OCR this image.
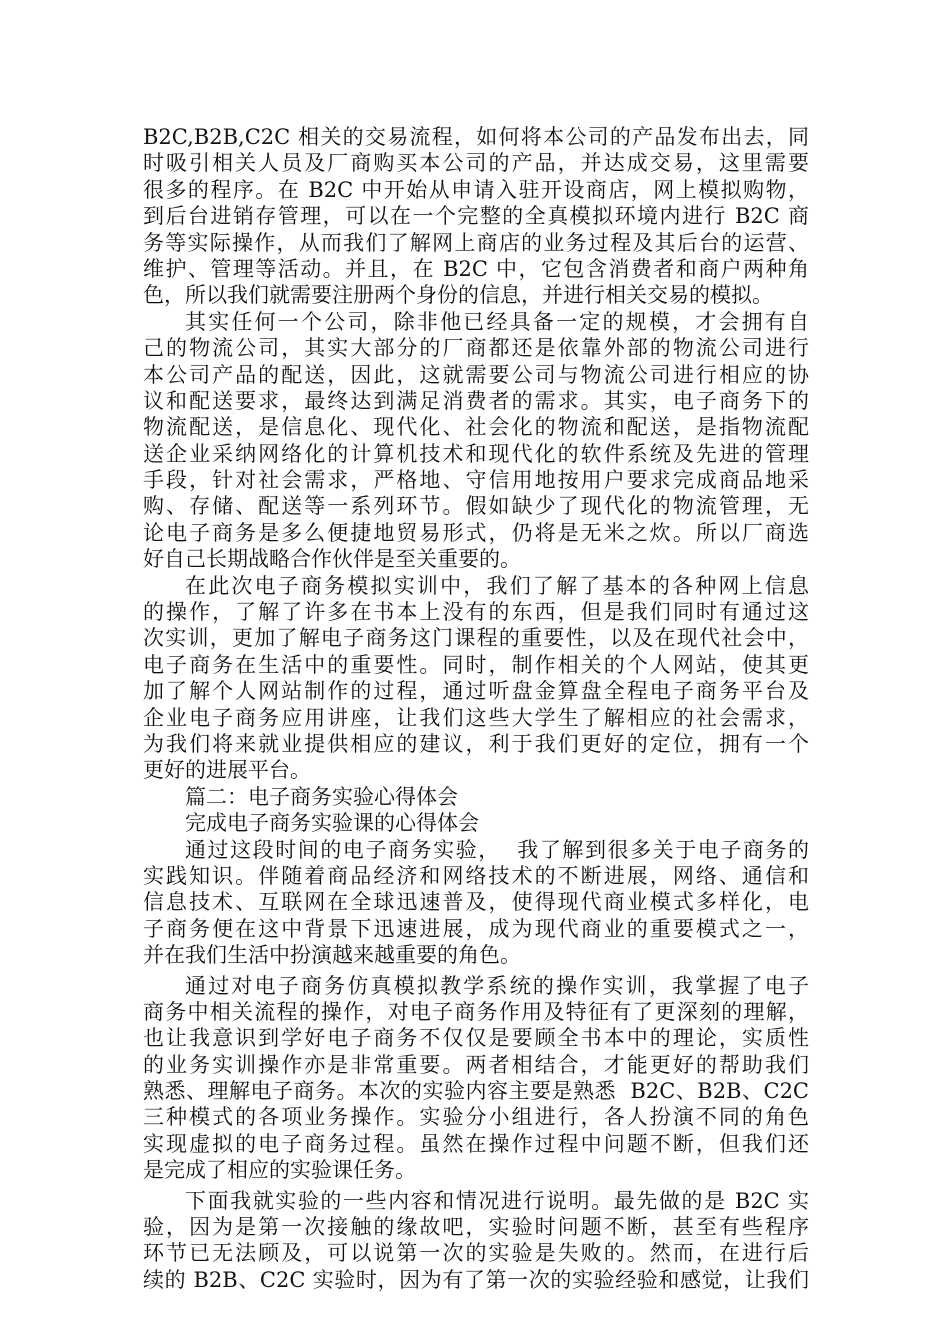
B2C,B2B,C2C 相关的交易流程，如何将本公司的产品发布出去，同
时吸引相关人员及厂商购买本公司的产品，并达成交易，这里需要
很多的程序。在 B2C 中开始从申请入驻开设商店，网上模拟购物，
到后台进销存管理，可以在一个完整的全真模拟环境内进行 B2C 商
务等实际操作，从而我们了解网上商店的业务过程及其后台的运营、
维护、管理等活动。并且，在 B2C 中，它包含消费者和商户两种角
色，所以我们就需要注册两个身份的信息，并进行相关交易的模拟。
其实任何一个公司，除非他已经具备一定的规模，才会拥有自
己的物流公司，其实大部分的厂商都还是依靠外部的物流公司进行
本公司产品的配送，因此，这就需要公司与物流公司进行相应的协
议和配送要求，最终达到满足消费者的需求。其实，电子商务下的
物流配送，是信息化、现代化、社会化的物流和配送，是指物流配
送企业采纳网络化的计算机技术和现代化的软件系统及先进的管理
手段，针对社会需求，严格地、守信用地按用户要求完成商品地采
购、存储、配送等一系列环节。假如缺少了现代化的物流管理，无
论电子商务是多么便捷地贸易形式，仍将是无米之炊。所以厂商选
好自己长期战略合作伙伴是至关重要的。
在此次电子商务模拟实训中，我们了解了基本的各种网上信息
的操作，了解了许多在书本上没有的东西，但是我们同时有通过这
次实训，更加了解电子商务这门课程的重要性，以及在现代社会中，
电子商务在生活中的重要性。同时，制作相关的个人网站，使其更
加了解个人网站制作的过程，通过听盘金算盘全程电子商务平台及
企业电子商务应用讲座，让我们这些大学生了解相应的社会需求，
为我们将来就业提供相应的建议，利于我们更好的定位，拥有一个
更好的进展平台。
篇二：电子商务实验心得体会
完成电子商务实验课的心得体会
通过这段时间的电子商务实验，  我了解到很多关于电子商务的
实践知识。伴随着商品经济和网络技术的不断进展，网络、通信和
信息技术、互联网在全球迅速普及，使得现代商业模式多样化，电
子商务便在这中背景下迅速进展，成为现代商业的重要模式之一，
并在我们生活中扮演越来越重要的角色。
通过对电子商务仿真模拟教学系统的操作实训，我掌握了电子
商务中相关流程的操作，对电子商务作用及特征有了更深刻的理解，
也让我意识到学好电子商务不仅仅是要顾全书本中的理论，实质性
的业务实训操作亦是非常重要。两者相结合，才能更好的帮助我们
熟悉、理解电子商务。本次的实验内容主要是熟悉  B2C、B2B、C2C
三种模式的各项业务操作。实验分小组进行，各人扮演不同的角色
实现虚拟的电子商务过程。虽然在操作过程中问题不断，但我们还
是完成了相应的实验课任务。
下面我就实验的一些内容和情况进行说明。最先做的是 B2C 实
验，因为是第一次接触的缘故吧，实验时问题不断，甚至有些程序
环节已无法顾及，可以说第一次的实验是失败的。然而，在进行后
续的 B2B、C2C 实验时，因为有了第一次的实验经验和感觉，让我们
